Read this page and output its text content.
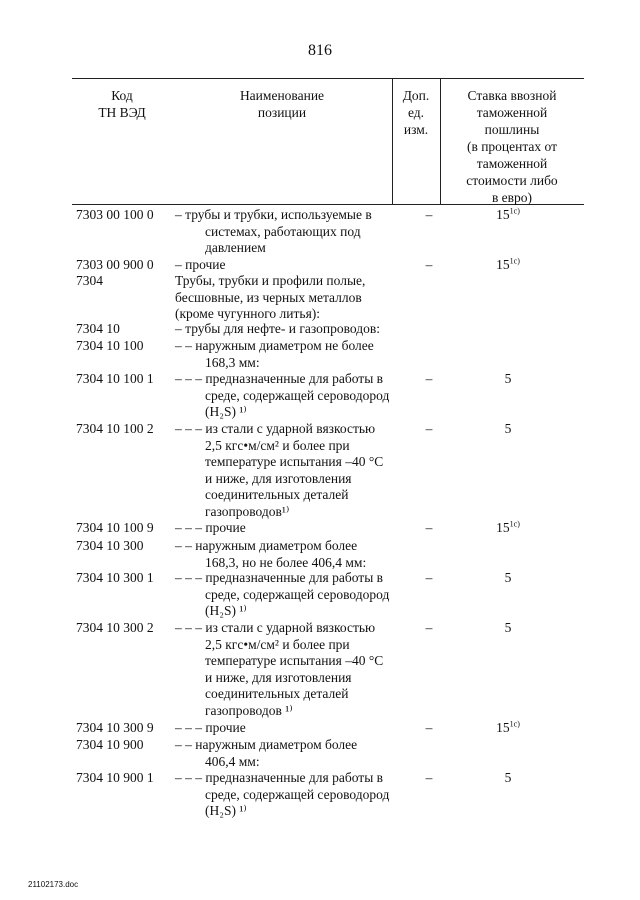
816
Код
ТН ВЭД
Наименование
позиции
Доп.
ед.
изм.
Ставка ввозной
таможенной
пошлины
(в процентах от
таможенной
стоимости либо
в евро)
7303 00 100 0 – трубы и трубки, используемые в
системах, работающих под
давлением
–	$15^{1c)}$
7303 00 900 0 – прочие	–	$15^{1c)}$
7304	Трубы, трубки и профили полые,
бесшовные, из черных металлов
(кроме чугунного литья):
7304 10	– трубы для нефте- и газопроводов:
7304 10 100 – – наружным диаметром не более
168,3 мм:
7304 10 100 1 – – – предназначенные для работы в
среде, содержащей сероводород
(H₂S) ¹⁾
–	5
7304 10 100 2 – – – из стали с ударной вязкостью
2,5 кгс•м/см² и более при
температуре испытания –40 °C
и ниже, для изготовления
соединительных деталей
газопроводов¹⁾
–	5
7304 10 100 9 – – – прочие	–	$15^{1c)}$
7304 10 300 – – наружным диаметром более
168,3, но не более 406,4 мм:
7304 10 300 1 – – – предназначенные для работы в
среде, содержащей сероводород
(H₂S) ¹⁾
–	5
7304 10 300 2 – – – из стали с ударной вязкостью
2,5 кгс•м/см² и более при
температуре испытания –40 °C
и ниже, для изготовления
соединительных деталей
газопроводов ¹⁾
–	5
7304 10 300 9 – – – прочие	–	$15^{1c)}$
7304 10 900 – – наружным диаметром более
406,4 мм:
7304 10 900 1 – – – предназначенные для работы в
среде, содержащей сероводород
(H₂S) ¹⁾
–	5
21102173.doc
